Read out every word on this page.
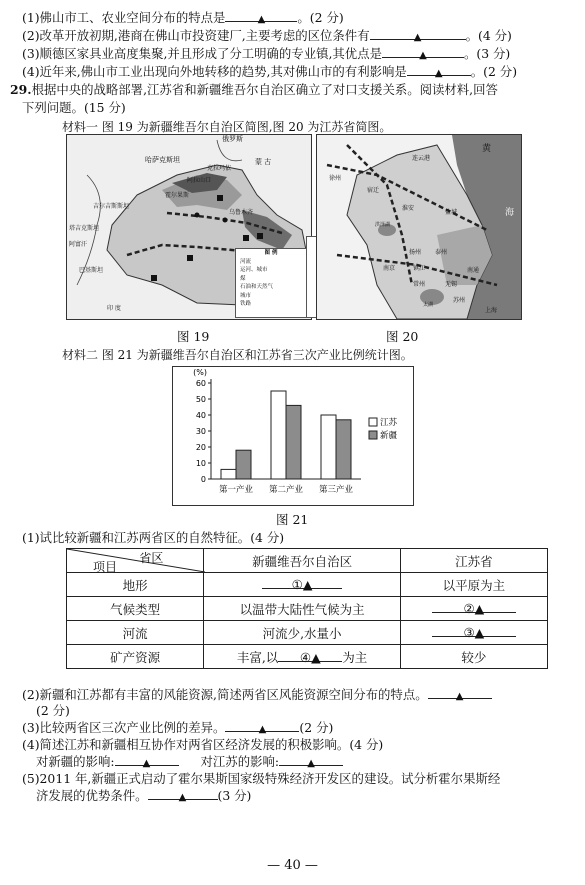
(1)佛山市工、农业空间分布的特点是	▲	。(2 分)
(2)改革开放初期,港商在佛山市投资建厂,主要考虑的区位条件有	▲	。(4 分)
(3)顺德区家具业高度集聚,并且形成了分工明确的专业镇,其优点是	▲	。(3 分)
(4)近年来,佛山市工业出现向外地转移的趋势,其对佛山市的有利影响是	▲ 。(2 分)
29.根据中央的战略部署,江苏省和新疆维吾尔自治区确立了对口支援关系。阅读材料,回答
下列问题。(15 分)
材料一 图 19 为新疆维吾尔自治区简图,图 20 为江苏省简图。
俄罗斯
哈萨克斯坦	蒙 古
阿拉山口
克拉玛依
霍尔果斯
乌鲁木齐
吉尔吉斯斯坦
塔吉克斯坦
阿富汗
巴基斯坦
印 度
图 例
河流
运河、城市
煤
石油和天然气
城市
铁路
黄
海
连云港
徐州
宿迁
淮安
盐城
扬州 泰州
南京	镇江
常州	无锡
苏州
南通
上海
洪泽湖
太湖
图 19	图 20
材料二 图 21 为新疆维吾尔自治区和江苏省三次产业比例统计图。
(%)
60
50
40
30
20
10
0
第一产业 第二产业 第三产业
江苏
新疆
图 21
(1)试比较新疆和江苏两省区的自然特征。(4 分)
省区
项目	新疆维吾尔自治区	江苏省
地形	①▲	以平原为主
气候类型	以温带大陆性气候为主	②▲
河流	河流少,水量小	③▲
矿产资源	丰富,以 ④▲ 为主	较少
(2)新疆和江苏都有丰富的风能资源,简述两省区风能资源空间分布的特点。	▲
(2 分)
(3)比较两省区三次产业比例的差异。	▲	(2 分)
(4)简述江苏和新疆相互协作对两省区经济发展的积极影响。(4 分)
对新疆的影响:	▲	对江苏的影响:	▲
(5)2011 年,新疆正式启动了霍尔果斯国家级特殊经济开发区的建设。试分析霍尔果斯经
济发展的优势条件。	▲	(3 分)
— 40 —
